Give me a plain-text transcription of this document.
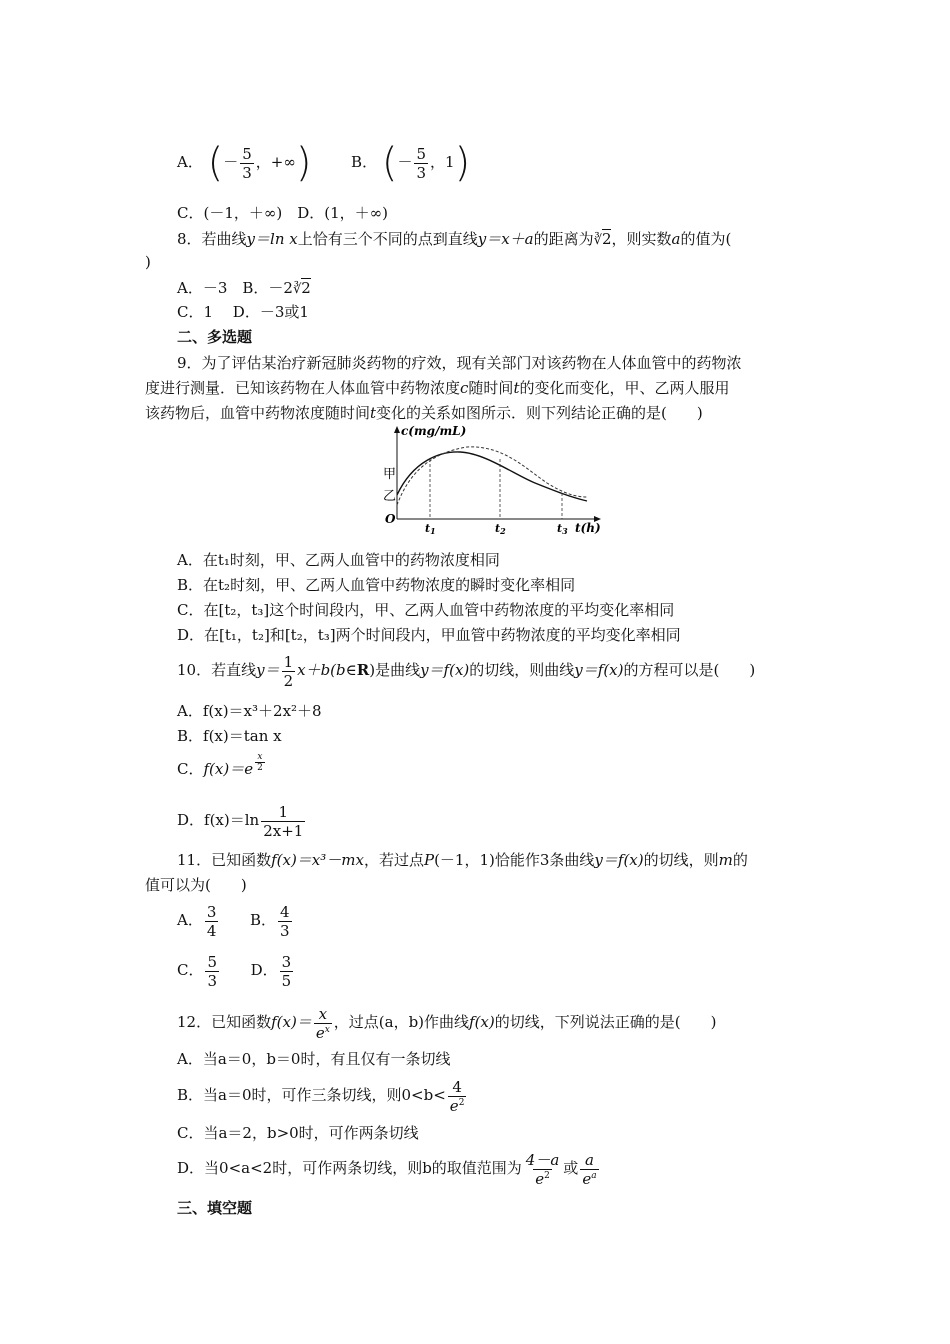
A． (－ $\frac{5}{3}$ ，+∞)	B． (－ $\frac{5}{3}$ ，1)
C．(－1，＋∞)　D．(1，＋∞)
8．若曲线y＝ln x上恰有三个不同的点到直线y＝x＋a的距离为∛2，则实数a的值为(
)
A．－3　B．－2∛2
C．1　 D．－3或1
二、多选题
9．为了评估某治疗新冠肺炎药物的疗效，现有关部门对该药物在人体血管中的药物浓
度进行测量．已知该药物在人体血管中药物浓度c随时间t的变化而变化，甲、乙两人服用
该药物后，血管中药物浓度随时间t变化的关系如图所示．则下列结论正确的是(　　)
c(mg/mL)
甲
乙
O
t1	t2	t3 t(h)
A．在t₁时刻，甲、乙两人血管中的药物浓度相同
B．在t₂时刻，甲、乙两人血管中药物浓度的瞬时变化率相同
C．在[t₂，t₃]这个时间段内，甲、乙两人血管中药物浓度的平均变化率相同
D．在[t₁，t₂]和[t₂，t₃]两个时间段内，甲血管中药物浓度的平均变化率相同
10．若直线$y= \frac{1}{2}$ x＋b(b∈R)是曲线y＝f(x)的切线，则曲线y＝f(x)的方程可以是(　　)
A．f(x)＝x³＋2x²＋8
B．f(x)＝tan x
C．$f(x)=e \frac{x}{2}$
D．$f(x)=\ln \frac{1}{2x+1}$
11．已知函数f(x)＝x³－mx，若过点P(－1，1)恰能作3条曲线y＝f(x)的切线，则m的
值可以为(　　)
A． $\frac{3}{4}$ B． $\frac{4}{3}$
C． $\frac{5}{3}$ D． $\frac{3}{5}$
12．已知函数$f(x)= \frac{x}{e^x}$ ，过点(a，b)作曲线f(x)的切线，下列说法正确的是(　　)
A．当a＝0，b＝0时，有且仅有一条切线
B．当a＝0时，可作三条切线，则$0<b< \frac{4}{e^2}$
C．当a＝2，b>0时，可作两条切线
D．当0<a<2时，可作两条切线，则b的取值范围为 $\frac{4-a}{e^2}$ 或 $\frac{a}{e^a}$
三、填空题
